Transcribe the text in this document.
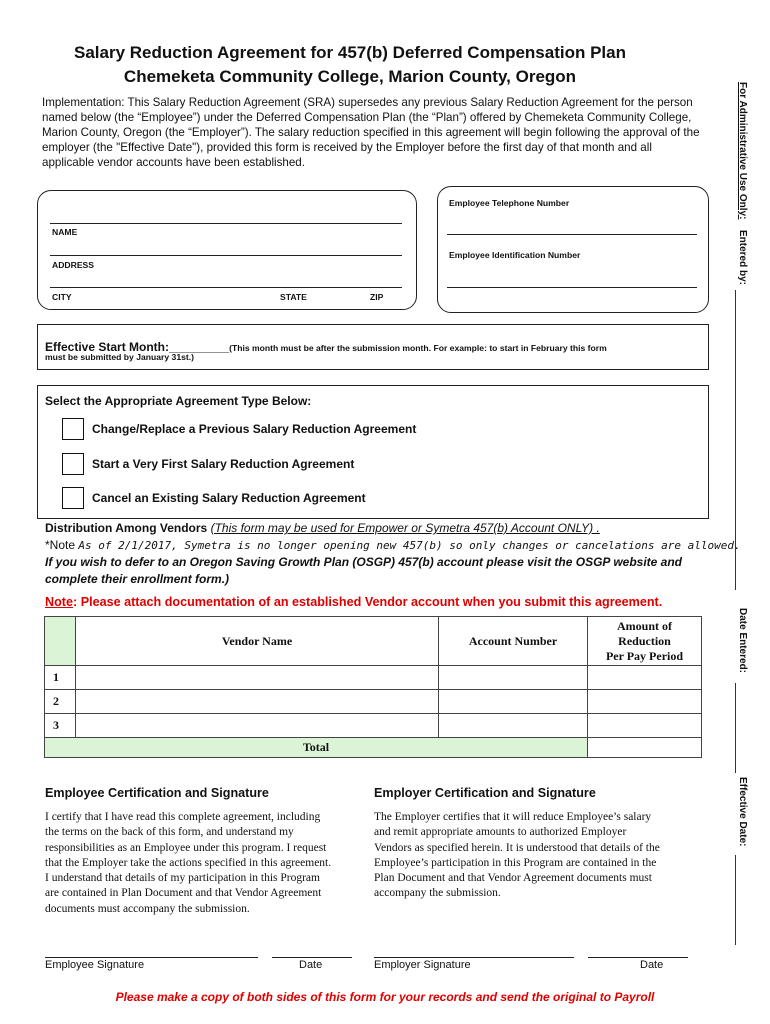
Salary Reduction Agreement for 457(b) Deferred Compensation Plan
Chemeketa Community College, Marion County, Oregon
Implementation: This Salary Reduction Agreement (SRA) supersedes any previous Salary Reduction Agreement for the person named below (the “Employee”) under the Deferred Compensation Plan (the “Plan”) offered by Chemeketa Community College, Marion County, Oregon (the “Employer”). The salary reduction specified in this agreement will begin following the approval of the employer (the "Effective Date"), provided this form is received by the Employer before the first day of that month and all applicable vendor accounts have been established.
NAME
ADDRESS
CITY	STATE	ZIP
Employee Telephone Number
Employee Identification Number
Effective Start Month:_________(This month must be after the submission month. For example: to start in February this form
must be submitted by January 31st.)
Select the Appropriate Agreement Type Below:
Change/Replace a Previous Salary Reduction Agreement
Start a Very First Salary Reduction Agreement
Cancel an Existing Salary Reduction Agreement
Distribution Among Vendors (This form may be used for Empower or Symetra 457(b) Account ONLY) .
*Note As of 2/1/2017, Symetra is no longer opening new 457(b) so only changes or cancelations are allowed.
If you wish to defer to an Oregon Saving Growth Plan (OSGP) 457(b) account please visit the OSGP website and
complete their enrollment form.)
Note: Please attach documentation of an established Vendor account when you submit this agreement.
	Vendor Name	Account Number	Amount of
Reduction
Per Pay Period

1			
2			
3			
Total			
Employee Certification and Signature
I certify that I have read this complete agreement, including
the terms on the back of this form, and understand my
responsibilities as an Employee under this program. I request
that the Employer take the actions specified in this agreement.
I understand that details of my participation in this Program
are contained in Plan Document and that Vendor Agreement
documents must accompany the submission.
Employer Certification and Signature
The Employer certifies that it will reduce Employee’s salary
and remit appropriate amounts to authorized Employer
Vendors as specified herein. It is understood that details of the
Employee’s participation in this Program are contained in the
Plan Document and that Vendor Agreement documents must
accompany the submission.
Employee Signature	Date	Employer Signature	Date
Please make a copy of both sides of this form for your records and send the original to Payroll
For Administrative Use Only:
Entered by:
Date Entered:
Effective Date:
